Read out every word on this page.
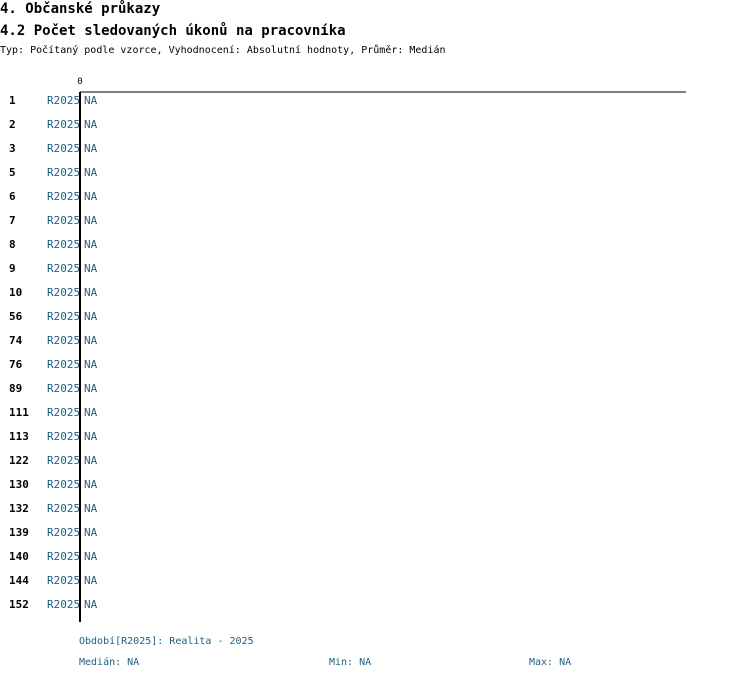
4. Občanské průkazy
4.2 Počet sledovaných úkonů na pracovníka
Typ: Počítaný podle vzorce, Vyhodnocení: Absolutní hodnoty, Průměr: Medián
0
1	R2025 NA
2	R2025 NA
3	R2025 NA
5	R2025 NA
6	R2025 NA
7	R2025 NA
8	R2025 NA
9	R2025 NA
10 R2025 NA
56 R2025 NA
74 R2025 NA
76 R2025 NA
89 R2025 NA
111 R2025 NA
113 R2025 NA
122 R2025 NA
130 R2025 NA
132 R2025 NA
139 R2025 NA
140 R2025 NA
144 R2025 NA
152 R2025 NA
Období[R2025]: Realita - 2025
Medián: NA	Min: NA	Max: NA
